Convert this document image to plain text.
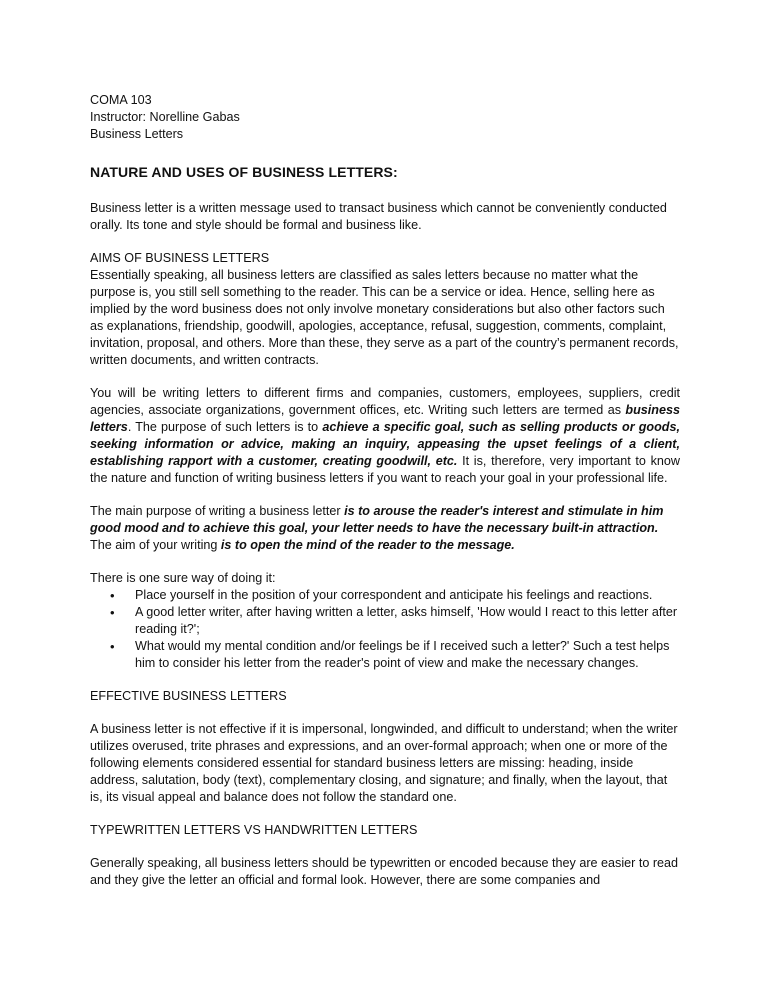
COMA 103

Instructor: Norelline Gabas

Business Letters

NATURE AND USES OF BUSINESS LETTERS:

Business letter is a written message used to transact business which cannot be conveniently conducted orally. Its tone and style should be formal and business like.

AIMS OF BUSINESS LETTERS

Essentially speaking, all business letters are classified as sales letters because no matter what the purpose is, you still sell something to the reader. This can be a service or idea. Hence, selling here as implied by the word business does not only involve monetary considerations but also other factors such as explanations, friendship, goodwill, apologies, acceptance, refusal, suggestion, comments, complaint, invitation, proposal, and others. More than these, they serve as a part of the country’s permanent records, written documents, and written contracts.

You will be writing letters to different firms and companies, customers, employees, suppliers, credit agencies, associate organizations, government offices, etc. Writing such letters are termed as business letters. The purpose of such letters is to achieve a specific goal, such as selling products or goods, seeking information or advice, making an inquiry, appeasing the upset feelings of a client, establishing rapport with a customer, creating goodwill, etc. It is, therefore, very important to know the nature and function of writing business letters if you want to reach your goal in your professional life.

The main purpose of writing a business letter is to arouse the reader's interest and stimulate in him good mood and to achieve this goal, your letter needs to have the necessary built-in attraction. The aim of your writing is to open the mind of the reader to the message.

There is one sure way of doing it:

• Place yourself in the position of your correspondent and anticipate his feelings and reactions.
• A good letter writer, after having written a letter, asks himself, 'How would I react to this letter after reading it?';
• What would my mental condition and/or feelings be if I received such a letter?' Such a test helps him to consider his letter from the reader's point of view and make the necessary changes.

EFFECTIVE BUSINESS LETTERS

A business letter is not effective if it is impersonal, longwinded, and difficult to understand; when the writer utilizes overused, trite phrases and expressions, and an over-formal approach; when one or more of the following elements considered essential for standard business letters are missing: heading, inside address, salutation, body (text), complementary closing, and signature; and finally, when the layout, that is, its visual appeal and balance does not follow the standard one.

TYPEWRITTEN LETTERS VS HANDWRITTEN LETTERS

Generally speaking, all business letters should be typewritten or encoded because they are easier to read and they give the letter an official and formal look. However, there are some companies and
